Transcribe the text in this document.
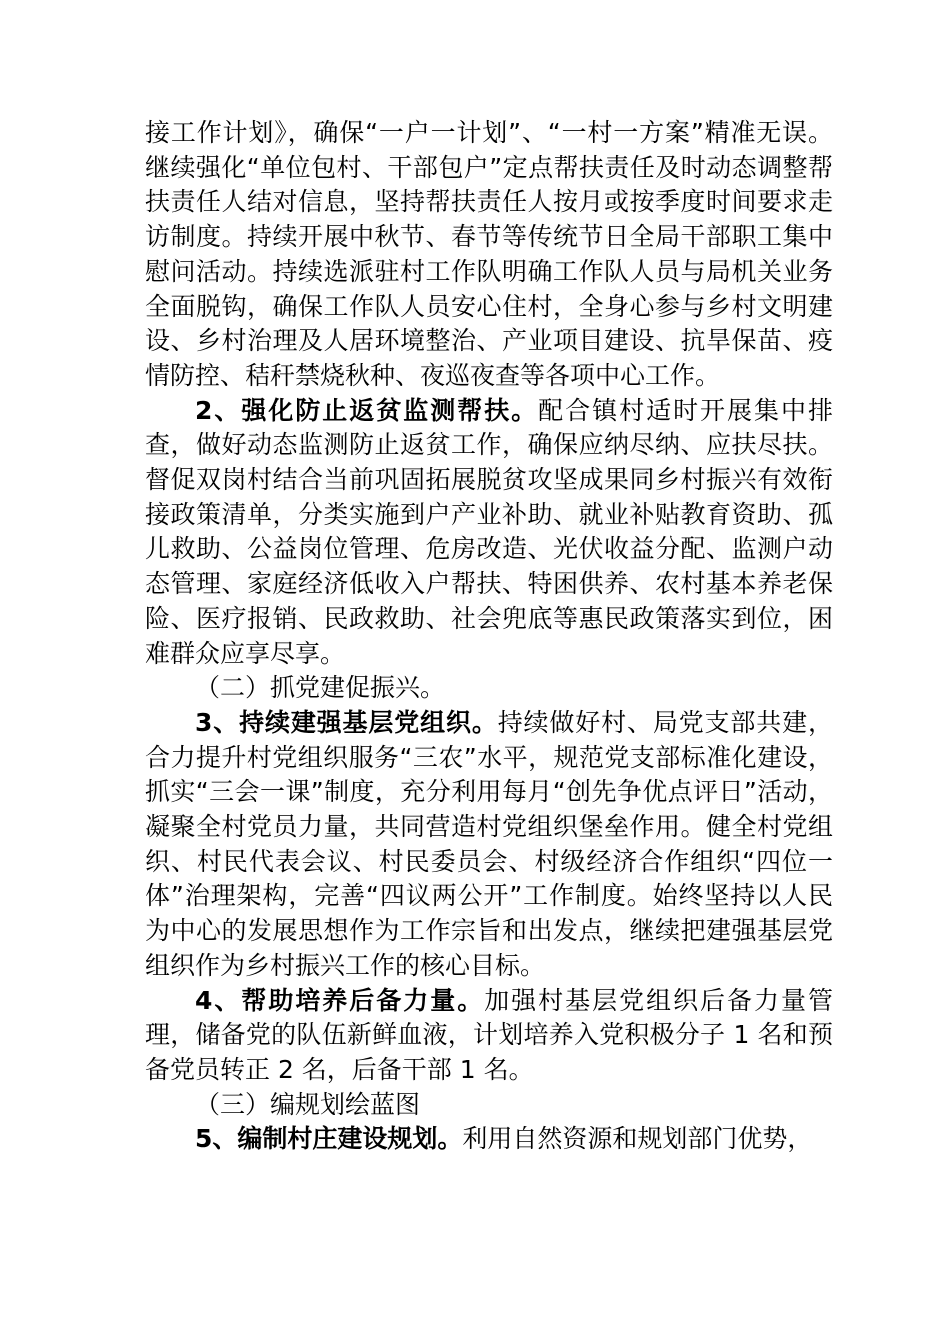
接工作计划》，确保“一户一计划”、“一村一方案”精准无误。继续强化“单位包村、干部包户”定点帮扶责任及时动态调整帮扶责任人结对信息，坚持帮扶责任人按月或按季度时间要求走访制度。持续开展中秋节、春节等传统节日全局干部职工集中慰问活动。持续选派驻村工作队明确工作队人员与局机关业务全面脱钩，确保工作队人员安心住村，全身心参与乡村文明建设、乡村治理及人居环境整治、产业项目建设、抗旱保苗、疫情防控、秸秆禁烧秋种、夜巡夜查等各项中心工作。

2、强化防止返贫监测帮扶。配合镇村适时开展集中排查，做好动态监测防止返贫工作，确保应纳尽纳、应扶尽扶。督促双岗村结合当前巩固拓展脱贫攻坚成果同乡村振兴有效衔接政策清单，分类实施到户产业补助、就业补贴教育资助、孤儿救助、公益岗位管理、危房改造、光伏收益分配、监测户动态管理、家庭经济低收入户帮扶、特困供养、农村基本养老保险、医疗报销、民政救助、社会兜底等惠民政策落实到位，困难群众应享尽享。

（二）抓党建促振兴。

3、持续建强基层党组织。持续做好村、局党支部共建，合力提升村党组织服务“三农”水平，规范党支部标准化建设，抓实“三会一课”制度，充分利用每月“创先争优点评日”活动，凝聚全村党员力量，共同营造村党组织堡垒作用。健全村党组织、村民代表会议、村民委员会、村级经济合作组织“四位一体”治理架构，完善“四议两公开”工作制度。始终坚持以人民为中心的发展思想作为工作宗旨和出发点，继续把建强基层党组织作为乡村振兴工作的核心目标。

4、帮助培养后备力量。加强村基层党组织后备力量管理，储备党的队伍新鲜血液，计划培养入党积极分子 1 名和预备党员转正 2 名，后备干部 1 名。

（三）编规划绘蓝图

5、编制村庄建设规划。利用自然资源和规划部门优势，
